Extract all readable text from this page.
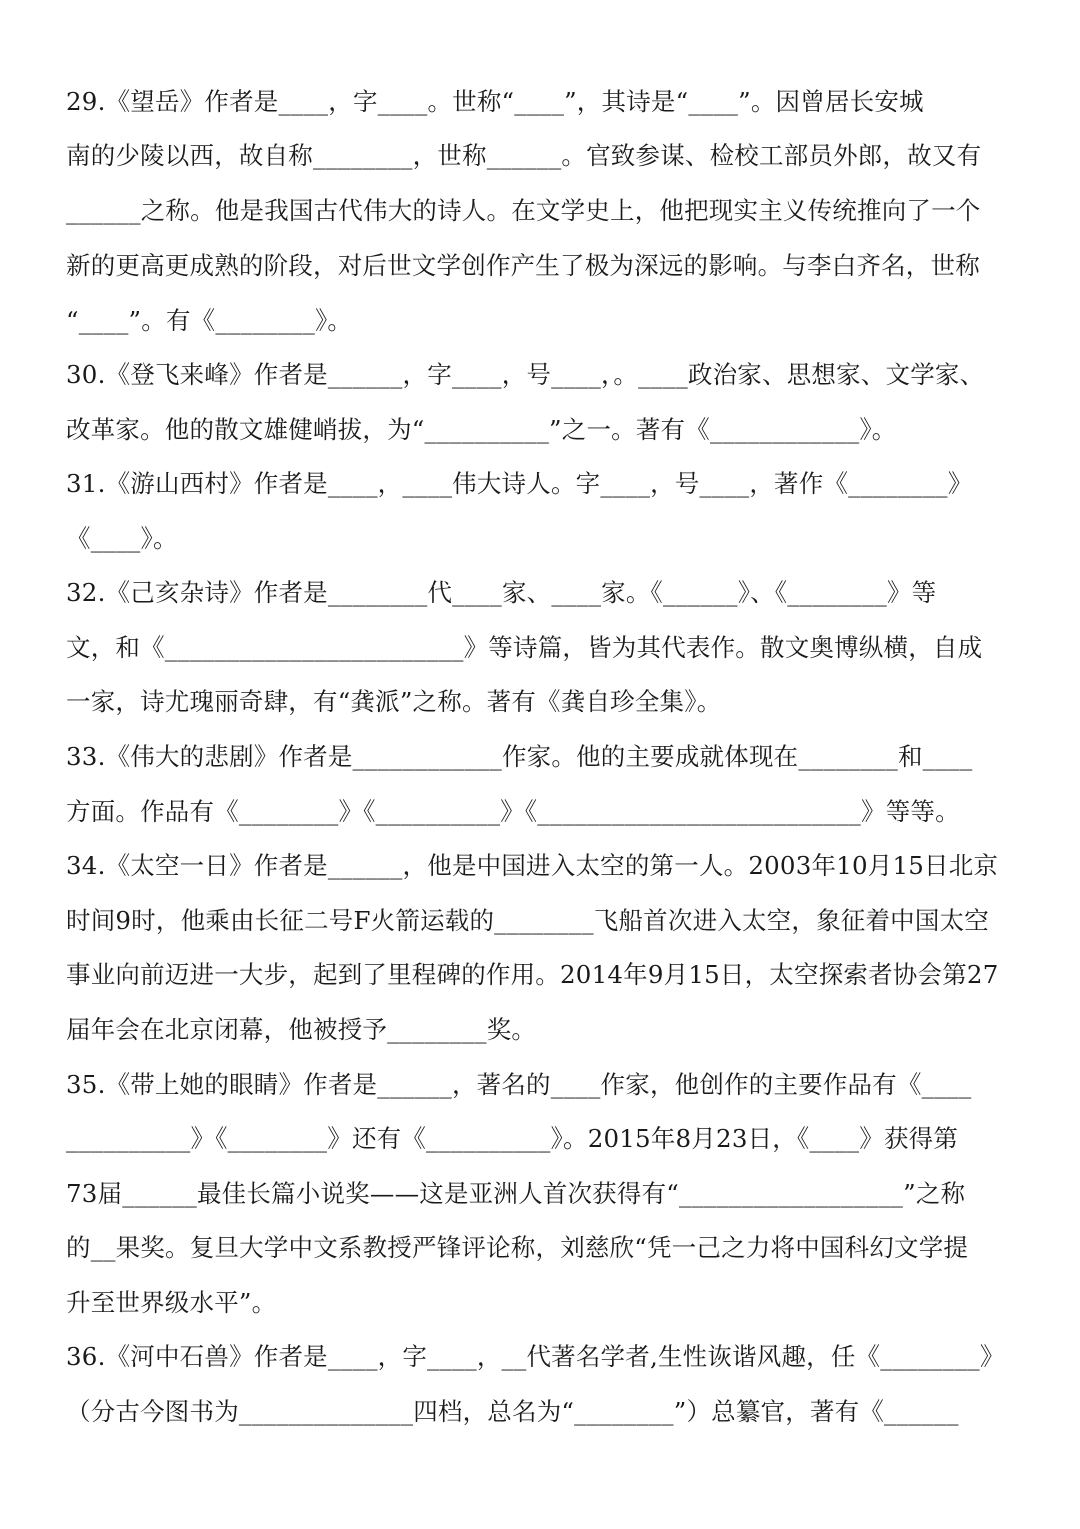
29.《望岳》作者是____，字____。世称“____”，其诗是“____”。因曾居长安城
南的少陵以西，故自称________，世称______。官致参谋、检校工部员外郎，故又有
______之称。他是我国古代伟大的诗人。在文学史上，他把现实主义传统推向了一个
新的更高更成熟的阶段，对后世文学创作产生了极为深远的影响。与李白齐名，世称
“____”。有《________》。
30.《登飞来峰》作者是______，字____，号____，。____政治家、思想家、文学家、
改革家。他的散文雄健峭拔，为“__________”之一。著有《____________》。
31.《游山西村》作者是____，____伟大诗人。字____，号____，著作《________》
《____》。
32.《己亥杂诗》作者是________代____家、____家。《______》、《________》等
文，和《________________________》等诗篇，皆为其代表作。散文奥博纵横，自成
一家，诗尤瑰丽奇肆，有“龚派”之称。著有《龚自珍全集》。
33.《伟大的悲剧》作者是____________作家。他的主要成就体现在________和____
方面。作品有《________》《__________》《__________________________》等等。
34.《太空一日》作者是______，他是中国进入太空的第一人。2003年10月15日北京
时间9时，他乘由长征二号F火箭运载的________飞船首次进入太空，象征着中国太空
事业向前迈进一大步，起到了里程碑的作用。2014年9月15日，太空探索者协会第27
届年会在北京闭幕，他被授予________奖。
35.《带上她的眼睛》作者是______，著名的____作家，他创作的主要作品有《____
__________》《________》还有《__________》。2015年8月23日，《____》获得第
73届______最佳长篇小说奖——这是亚洲人首次获得有“__________________”之称
的__果奖。复旦大学中文系教授严锋评论称，刘慈欣“凭一己之力将中国科幻文学提
升至世界级水平”。
36.《河中石兽》作者是____，字____，__代著名学者,生性诙谐风趣，任《________》
（分古今图书为______________四档，总名为“________”）总纂官，著有《______
